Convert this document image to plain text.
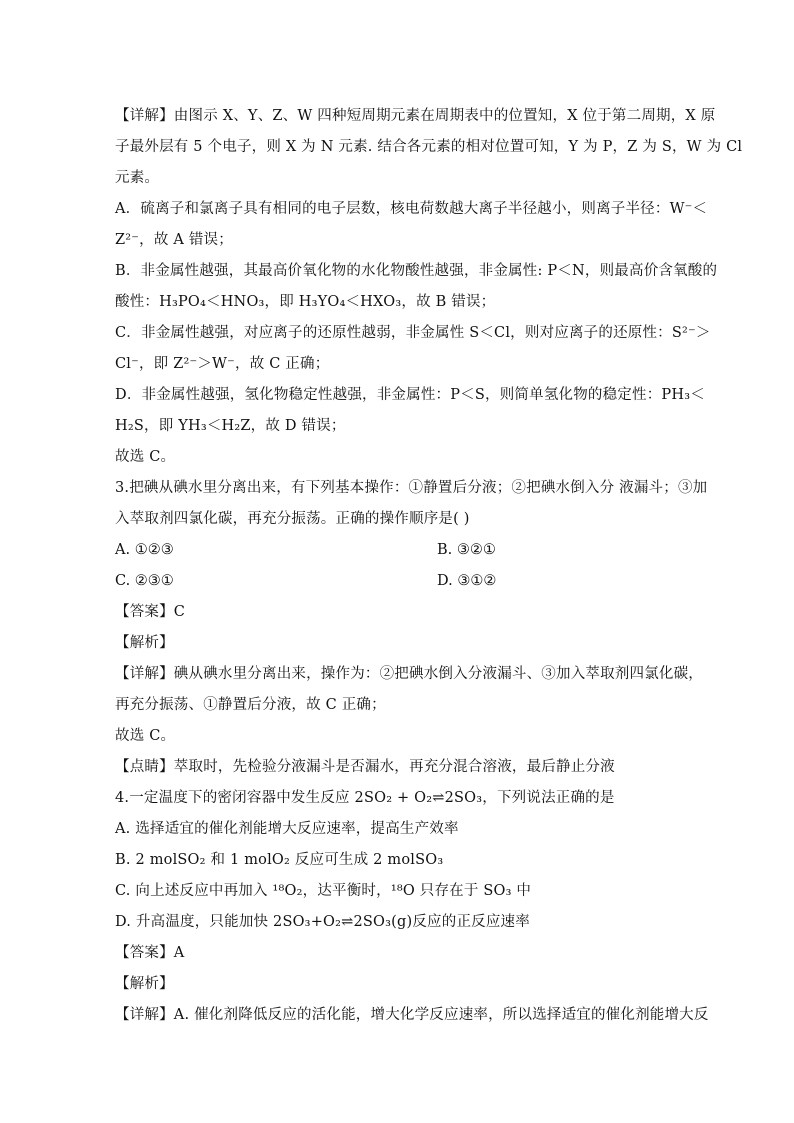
【详解】由图示 X、Y、Z、W 四种短周期元素在周期表中的位置知，X 位于第二周期，X 原
子最外层有 5 个电子，则 X 为 N 元素. 结合各元素的相对位置可知，Y 为 P，Z 为 S，W 为 Cl
元素。
A．硫离子和氯离子具有相同的电子层数，核电荷数越大离子半径越小，则离子半径：W⁻＜
Z²⁻，故 A 错误；
B．非金属性越强，其最高价氧化物的水化物酸性越强，非金属性: P＜N，则最高价含氧酸的
酸性：H₃PO₄＜HNO₃，即 H₃YO₄＜HXO₃，故 B 错误；
C．非金属性越强，对应离子的还原性越弱，非金属性 S＜Cl，则对应离子的还原性：S²⁻＞
Cl⁻，即 Z²⁻＞W⁻，故 C 正确；
D．非金属性越强，氢化物稳定性越强，非金属性：P＜S，则简单氢化物的稳定性：PH₃＜
H₂S，即 YH₃＜H₂Z，故 D 错误；
故选 C。
3.把碘从碘水里分离出来，有下列基本操作：①静置后分液；②把碘水倒入分 液漏斗；③加
入萃取剂四氯化碳，再充分振荡。正确的操作顺序是( )
A. ①②③	B. ③②①
C. ②③①	D. ③①②
【答案】C
【解析】
【详解】碘从碘水里分离出来，操作为：②把碘水倒入分液漏斗、③加入萃取剂四氯化碳，
再充分振荡、①静置后分液，故 C 正确；
故选 C。
【点睛】萃取时，先检验分液漏斗是否漏水，再充分混合溶液，最后静止分液
4.一定温度下的密闭容器中发生反应 2SO₂ + O₂⇌2SO₃，下列说法正确的是
A. 选择适宜的催化剂能增大反应速率，提高生产效率
B. 2 molSO₂ 和 1 molO₂ 反应可生成 2 molSO₃
C. 向上述反应中再加入 ¹⁸O₂，达平衡时，¹⁸O 只存在于 SO₃ 中
D. 升高温度，只能加快 2SO₃+O₂⇌2SO₃(g)反应的正反应速率
【答案】A
【解析】
【详解】A. 催化剂降低反应的活化能，增大化学反应速率，所以选择适宜的催化剂能增大反
